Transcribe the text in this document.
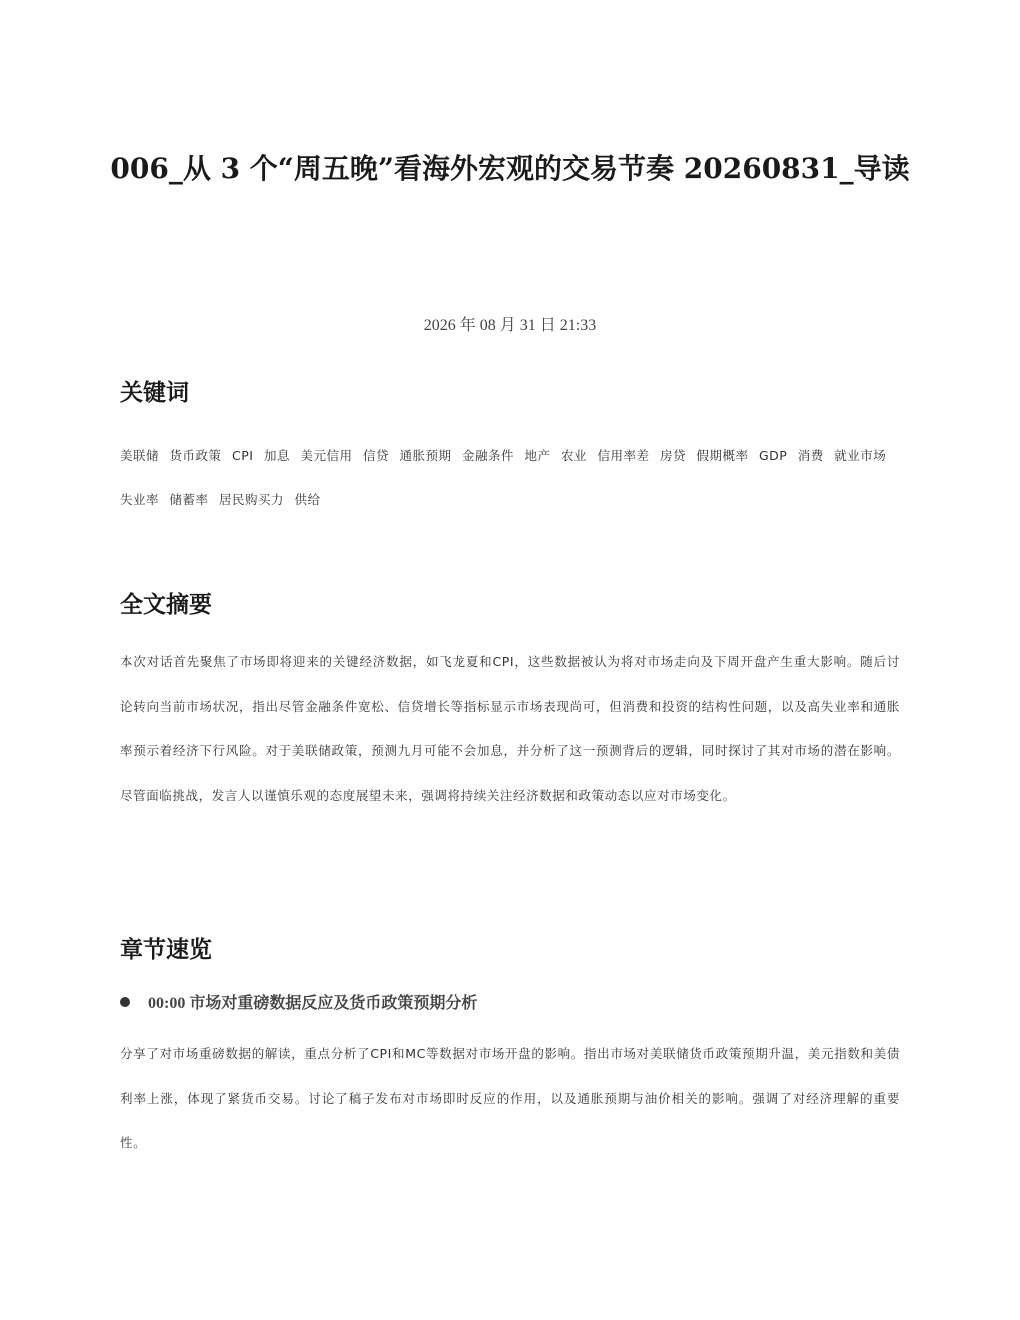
006_从 3 个“周五晚”看海外宏观的交易节奏 20260831_导读

2026 年 08 月 31 日 21:33

关键词

美联储 货币政策 CPI 加息 美元信用 信贷 通胀预期 金融条件 地产 农业 信用率差 房贷 假期概率 GDP 消费 就业市场 失业率 储蓄率 居民购买力 供给

全文摘要

本次对话首先聚焦了市场即将迎来的关键经济数据，如飞龙夏和CPI，这些数据被认为将对市场走向及下周开盘产生重大影响。随后讨论转向当前市场状况，指出尽管金融条件宽松、信贷增长等指标显示市场表现尚可，但消费和投资的结构性问题，以及高失业率和通胀率预示着经济下行风险。对于美联储政策，预测九月可能不会加息，并分析了这一预测背后的逻辑，同时探讨了其对市场的潜在影响。尽管面临挑战，发言人以谨慎乐观的态度展望未来，强调将持续关注经济数据和政策动态以应对市场变化。

章节速览
00:00 市场对重磅数据反应及货币政策预期分析

分享了对市场重磅数据的解读，重点分析了CPI和MC等数据对市场开盘的影响。指出市场对美联储货币政策预期升温，美元指数和美债利率上涨，体现了紧货币交易。讨论了稿子发布对市场即时反应的作用，以及通胀预期与油价相关的影响。强调了对经济理解的重要性。
